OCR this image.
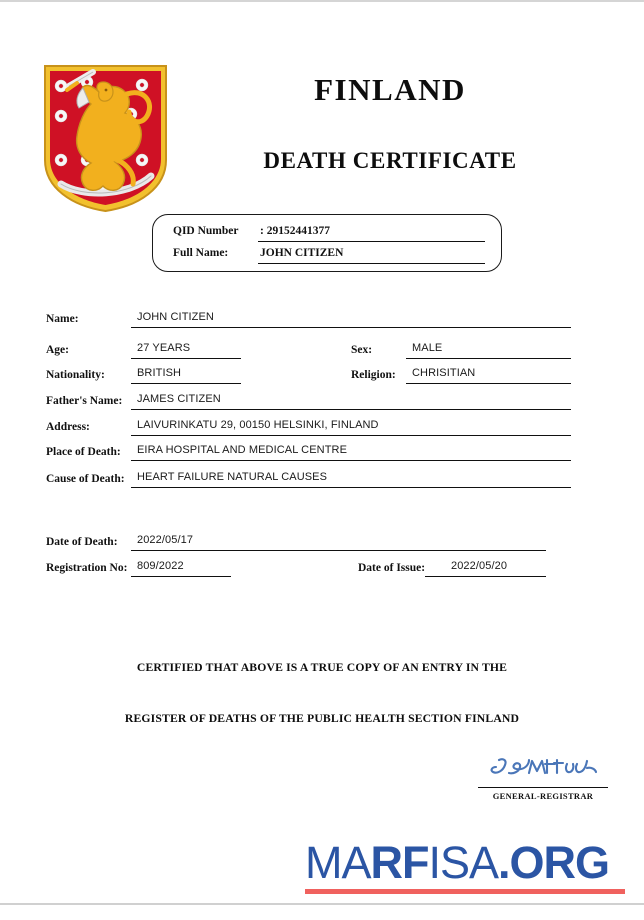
FINLAND
DEATH CERTIFICATE
QID Number : 29152441377
Full Name:	JOHN CITIZEN
Name:	JOHN CITIZEN
Age:	27 YEARS	Sex:	MALE
Nationality:	BRITISH	Religion: CHRISITIAN
Father's Name: JAMES CITIZEN
Address:	LAIVURINKATU 29, 00150 HELSINKI, FINLAND
Place of Death: EIRA HOSPITAL AND MEDICAL CENTRE
Cause of Death: HEART FAILURE NATURAL CAUSES
Date of Death: 2022/05/17
Registration No: 809/2022	Date of Issue: 2022/05/20
CERTIFIED THAT ABOVE IS A TRUE COPY OF AN ENTRY IN THE
REGISTER OF DEATHS OF THE PUBLIC HEALTH SECTION FINLAND
GENERAL-REGISTRAR
MARFISA.ORG
